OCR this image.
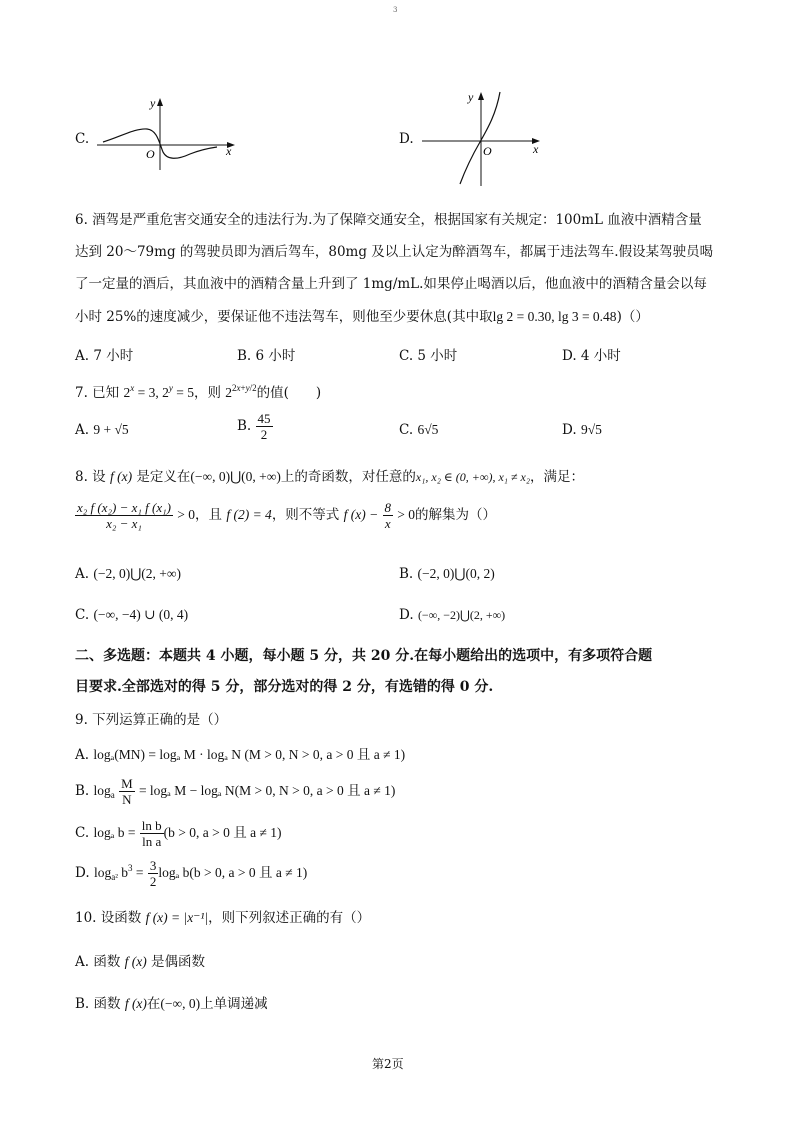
3
C.
y
x
O
D.
y
x
O
6. 酒驾是严重危害交通安全的违法行为.为了保障交通安全，根据国家有关规定：100mL 血液中酒精含量
达到 20～79mg 的驾驶员即为酒后驾车，80mg 及以上认定为醉酒驾车，都属于违法驾车.假设某驾驶员喝
了一定量的酒后，其血液中的酒精含量上升到了 1mg/mL.如果停止喝酒以后，他血液中的酒精含量会以每
小时 25%的速度减少，要保证他不违法驾车，则他至少要休息(其中取lg 2 = 0.30, lg 3 = 0.48)（）
A. 7 小时	B. 6 小时	C. 5 小时	D. 4 小时
7. 已知 $2^x = 3$, $2^y = 5$，则 $2^{2x+y/2}$的值(　　)
A. 9 + √5	B. $\frac{45}{2}$	C. 6√5	D. 9√5
8. 设 f (x) 是定义在(−∞, 0)⋃(0, +∞)上的奇函数，对任意的x₁, x₂ ∈ (0, +∞), x₁ ≠ x₂，满足：
$\frac{\text{x₂ f (x₂) − x₁ f (x₁)}}{\text{x₂ − x₁}} > 0$，且 f (2) = 4，则不等式 f $(x) - \frac{8}{x} > 0$的解集为（）
A. (−2, 0)⋃(2, +∞)	B. (−2, 0)⋃(0, 2)
C. (−∞, −4) ∪ (0, 4)	D. (−∞, −2)⋃(2, +∞)
二、多选题：本题共 4 小题，每小题 5 分，共 20 分.在每小题给出的选项中，有多项符合题
目要求.全部选对的得 5 分，部分选对的得 2 分，有选错的得 0 分.
9. 下列运算正确的是（）
A. logₐ(MN) = logₐ M · logₐ N (M > 0, N > 0, a > 0 且 a ≠ 1)
B. $\log_a \frac{M}{N} = \log_a$ M − logₐ N(M > 0, N > 0, a > 0 且 a ≠ 1)
C. logₐ $b = \frac{\text{ln b}}{\text{ln a}} (b > 0$, a > 0 且 a ≠ 1)
D. $\log_{a^2} b^3 = \frac{3}{2}$ logₐ b(b > 0, a > 0 且 a ≠ 1)
10. 设函数 f (x) = |x⁻¹|，则下列叙述正确的有（）
A. 函数 f (x) 是偶函数
B. 函数 f (x)在(−∞, 0)上单调递减
第2页
